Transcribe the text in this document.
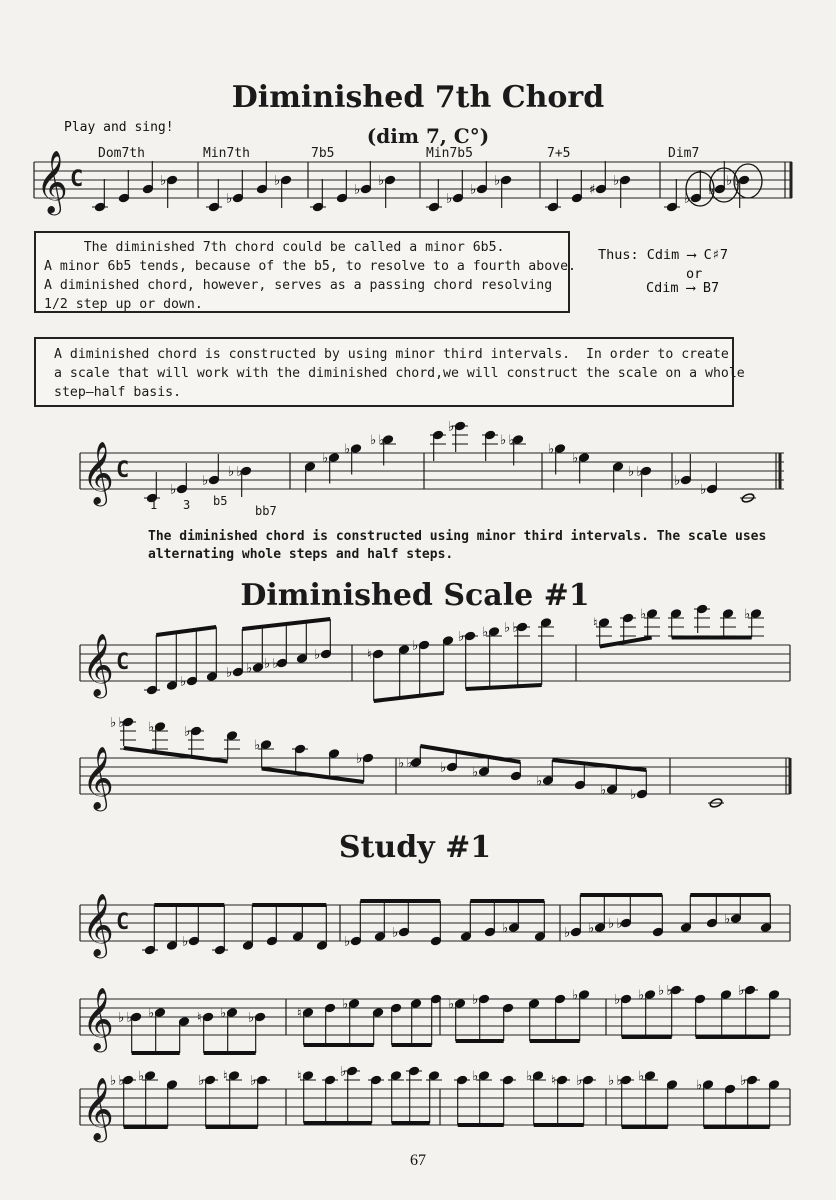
Diminished 7th Chord
(dim 7, C°)
Play and sing!
𝄞 C
Dom7th	Min7th	7b5	Min7b5	7+5	Dim7
♭
♭
♭
♭
♭
♭
♭
♭
♯
♭
♭
♭
♭♭
The diminished 7th chord could be called a minor 6b5.
A minor 6b5 tends, because of the b5, to resolve to a fourth above.
A diminished chord, however, serves as a passing chord resolving
1/2 step up or down.
Thus: Cdim ⟶ C♯7
or
Cdim ⟶ B7
A diminished chord is constructed by using minor third intervals.  In order to create
a scale that will work with the diminished chord,we will construct the scale on a whole
step—half basis.
𝄞 C
♭
♭
♭♭
♭
♭
♭♭
♭
♭♭
♭
♭
♭♭
♭
♭
1 3 b5
bb7
The diminished chord is constructed using minor third intervals. The scale uses
alternating whole steps and half steps.
Diminished Scale #1
𝄞 C
♭
♭ ♭ ♭♭
♭	♮
♭
♭ ♭ ♭♭	♮
♭	♭
𝄞
♭♭ ♭ ♭
♭
♭ ♭♭ ♭ ♭
♭
♭ ♭
Study #1
𝄞 C
♭	♭
♭	♭	♭ ♭ ♭♭	♭
𝄞 ♭♭ ♭	♮ ♭ ♭	♮
♭	♭ ♭	♭ ♭ ♭ ♭♭	♭
𝄞
♭♭ ♭	♭ ♮ ♭	♮	♭	♭	♭ ♮ ♭ ♭♭ ♭
♭	♭
67
